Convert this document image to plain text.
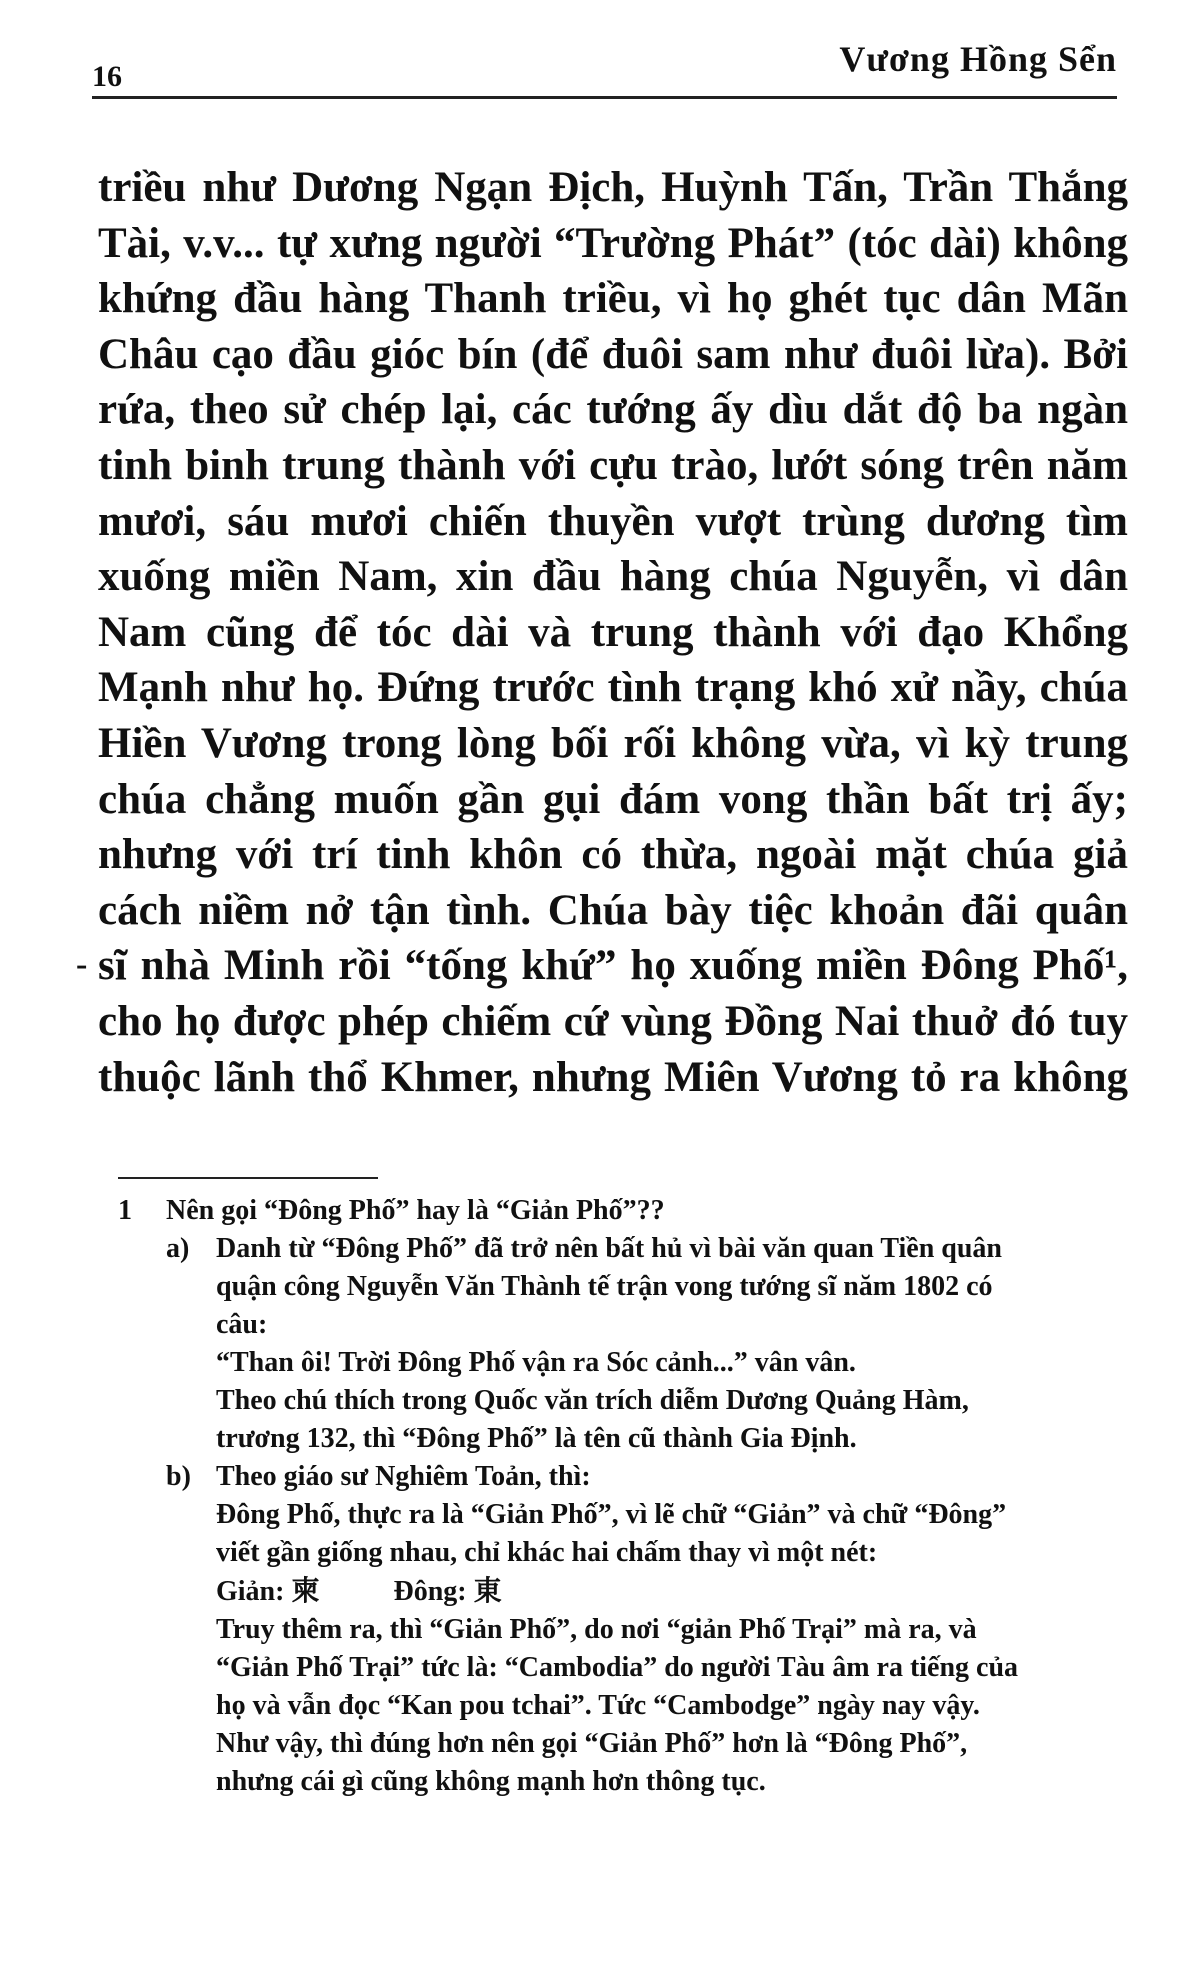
16	Vương Hồng Sển
triều như Dương Ngạn Địch, Huỳnh Tấn, Trần Thắng
Tài, v.v... tự xưng người “Trường Phát” (tóc dài) không
khứng đầu hàng Thanh triều, vì họ ghét tục dân Mãn
Châu cạo đầu gióc bín (để đuôi sam như đuôi lừa). Bởi
rứa, theo sử chép lại, các tướng ấy dìu dắt độ ba ngàn
tinh binh trung thành với cựu trào, lướt sóng trên năm
mươi, sáu mươi chiến thuyền vượt trùng dương tìm
xuống miền Nam, xin đầu hàng chúa Nguyễn, vì dân
Nam cũng để tóc dài và trung thành với đạo Khổng
Mạnh như họ. Đứng trước tình trạng khó xử nầy, chúa
Hiền Vương trong lòng bối rối không vừa, vì kỳ trung
chúa chẳng muốn gần gụi đám vong thần bất trị ấy;
nhưng với trí tinh khôn có thừa, ngoài mặt chúa giả
cách niềm nở tận tình. Chúa bày tiệc khoản đãi quân
sĩ nhà Minh rồi “tống khứ” họ xuống miền Đông Phố¹,
cho họ được phép chiếm cứ vùng Đồng Nai thuở đó tuy
thuộc lãnh thổ Khmer, nhưng Miên Vương tỏ ra không
-
1 Nên gọi “Đông Phố” hay là “Giản Phố”??
a) Danh từ “Đông Phố” đã trở nên bất hủ vì bài văn quan Tiền quân
quận công Nguyễn Văn Thành tế trận vong tướng sĩ năm 1802 có
câu:
“Than ôi! Trời Đông Phố vận ra Sóc cảnh...” vân vân.
Theo chú thích trong Quốc văn trích diễm Dương Quảng Hàm,
trương 132, thì “Đông Phố” là tên cũ thành Gia Định.
b) Theo giáo sư Nghiêm Toản, thì:
Đông Phố, thực ra là “Giản Phố”, vì lẽ chữ “Giản” và chữ “Đông”
viết gần giống nhau, chỉ khác hai chấm thay vì một nét:
Giản: 柬	Đông: 東
Truy thêm ra, thì “Giản Phố”, do nơi “giản Phố Trại” mà ra, và
“Giản Phố Trại” tức là: “Cambodia” do người Tàu âm ra tiếng của
họ và vẫn đọc “Kan pou tchai”. Tức “Cambodge” ngày nay vậy.
Như vậy, thì đúng hơn nên gọi “Giản Phố” hơn là “Đông Phố”,
nhưng cái gì cũng không mạnh hơn thông tục.
